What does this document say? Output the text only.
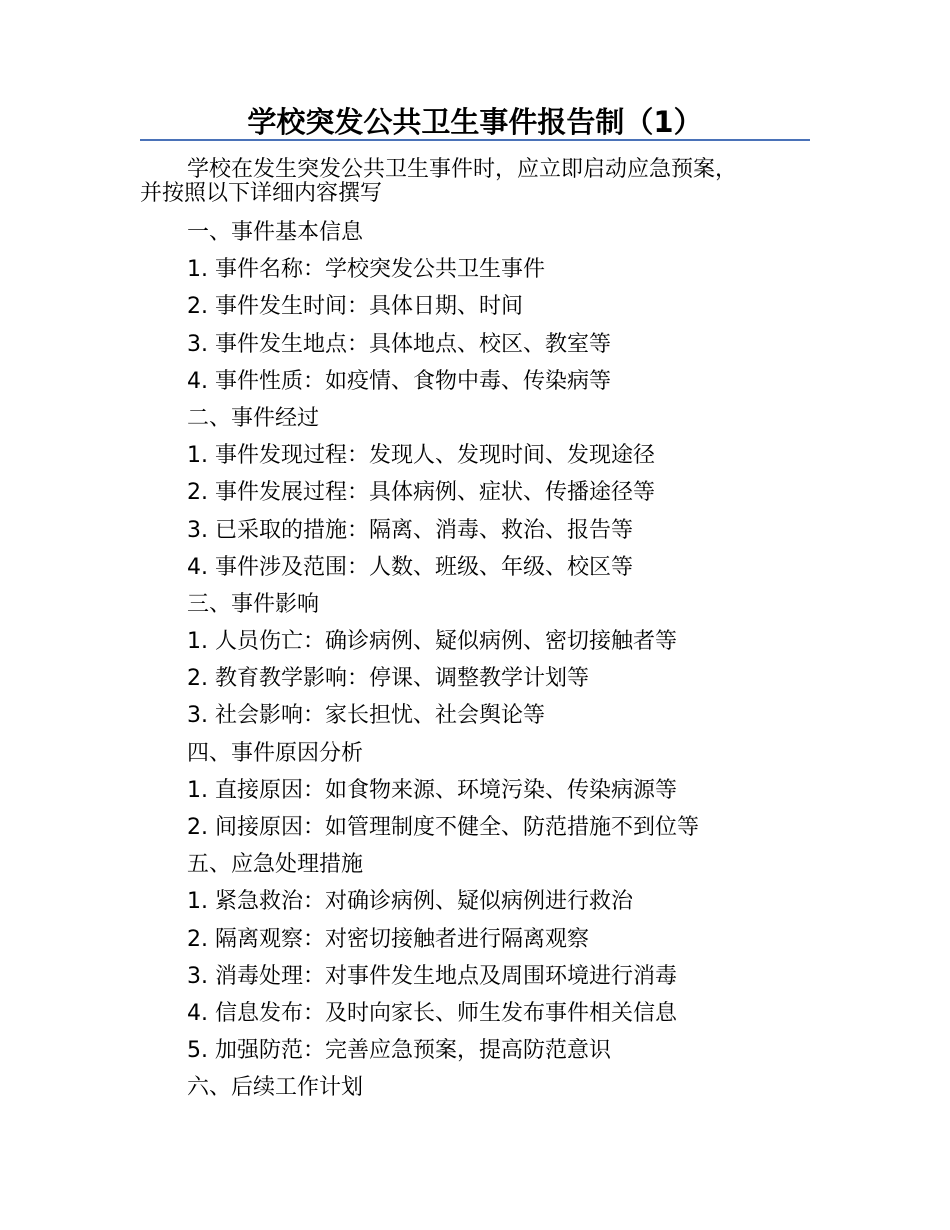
学校突发公共卫生事件报告制（1）
学校在发生突发公共卫生事件时，应立即启动应急预案，
并按照以下详细内容撰写
一、事件基本信息
1. 事件名称：学校突发公共卫生事件
2. 事件发生时间：具体日期、时间
3. 事件发生地点：具体地点、校区、教室等
4. 事件性质：如疫情、食物中毒、传染病等
二、事件经过
1. 事件发现过程：发现人、发现时间、发现途径
2. 事件发展过程：具体病例、症状、传播途径等
3. 已采取的措施：隔离、消毒、救治、报告等
4. 事件涉及范围：人数、班级、年级、校区等
三、事件影响
1. 人员伤亡：确诊病例、疑似病例、密切接触者等
2. 教育教学影响：停课、调整教学计划等
3. 社会影响：家长担忧、社会舆论等
四、事件原因分析
1. 直接原因：如食物来源、环境污染、传染病源等
2. 间接原因：如管理制度不健全、防范措施不到位等
五、应急处理措施
1. 紧急救治：对确诊病例、疑似病例进行救治
2. 隔离观察：对密切接触者进行隔离观察
3. 消毒处理：对事件发生地点及周围环境进行消毒
4. 信息发布：及时向家长、师生发布事件相关信息
5. 加强防范：完善应急预案，提高防范意识
六、后续工作计划
